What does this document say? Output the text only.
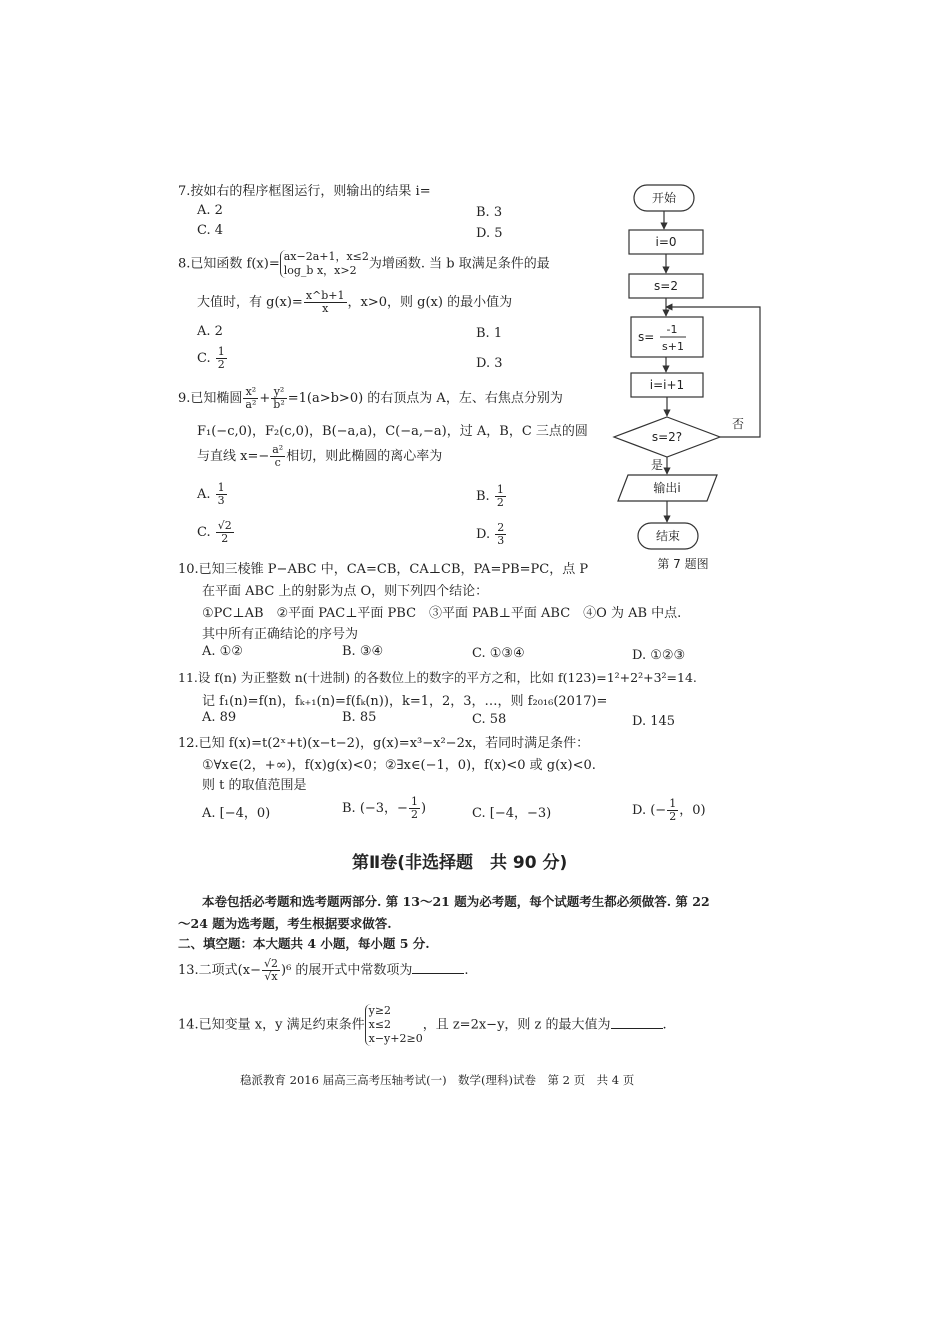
7.按如右的程序框图运行，则输出的结果 i=
A. 2	B. 3
C. 4	D. 5
8.已知函数 f(x)= ax−2a+1，x≤2
log_b x，x>2 为增函数. 当 b 取满足条件的最
大值时，有 $g(x)= \frac{x\^{}b+1}{x}$ ，x>0，则 g(x) 的最小值为
A. 2	B. 1
C. $\frac{1}{2}$	D. 3
9.已知椭圆 $\frac{\text{x²}}{\text{a²}} + \frac{\text{y²}}{\text{b²}} =1(a>b>0)$ 的右顶点为 A，左、右焦点分别为
F₁(−c,0)，F₂(c,0)，B(−a,a)，C(−a,−a)，过 A，B，C 三点的圆
与直线 $x=- \frac{\text{a²}}{c}$ 相切，则此椭圆的离心率为
A. $\frac{1}{3}$	B. $\frac{1}{2}$
C. $\frac{√2}{2}$	D. $\frac{2}{3}$
10.已知三棱锥 P−ABC 中，CA=CB，CA⊥CB，PA=PB=PC，点 P
在平面 ABC 上的射影为点 O，则下列四个结论：
①PC⊥AB　②平面 PAC⊥平面 PBC　③平面 PAB⊥平面 ABC　④O 为 AB 中点.
其中所有正确结论的序号为
A. ①②	B. ③④	C. ①③④	D. ①②③
11.设 f(n) 为正整数 n(十进制) 的各数位上的数字的平方之和，比如 f(123)=1²+2²+3²=14.
记 f₁(n)=f(n)，fₖ₊₁(n)=f(fₖ(n))，k=1，2，3，…，则 f₂₀₁₆(2017)=
A. 89	B. 85	C. 58	D. 145
12.已知 f(x)=t(2ˣ+t)(x−t−2)，g(x)=x³−x²−2x，若同时满足条件：
①∀x∈(2，+∞)，f(x)g(x)<0；②∃x∈(−1，0)，f(x)<0 或 g(x)<0.
则 t 的取值范围是
A. [−4，0)	B. (−3，− $\frac{1}{2}$ )	C. [−4，−3)	D. (− $\frac{1}{2}$ ，0)
第Ⅱ卷(非选择题　共 90 分)
本卷包括必考题和选考题两部分. 第 13～21 题为必考题，每个试题考生都必须做答. 第 22
～24 题为选考题，考生根据要求做答.
二、填空题：本大题共 4 小题，每小题 5 分.
13.二项式$(x- \frac{√2}{√x} )^6$ 的展开式中常数项为	.
14.已知变量 x，y 满足约束条件
y≥2
x≤2
x−y+2≥0
，且 z=2x−y，则 z 的最大值为	.
稳派教育 2016 届高三高考压轴考试(一)　数学(理科)试卷　第 2 页　共 4 页
开始
i=0
s=2
s=
-1
s+1
i=i+1
s=2?
否
是
输出i
结束
第 7 题图
